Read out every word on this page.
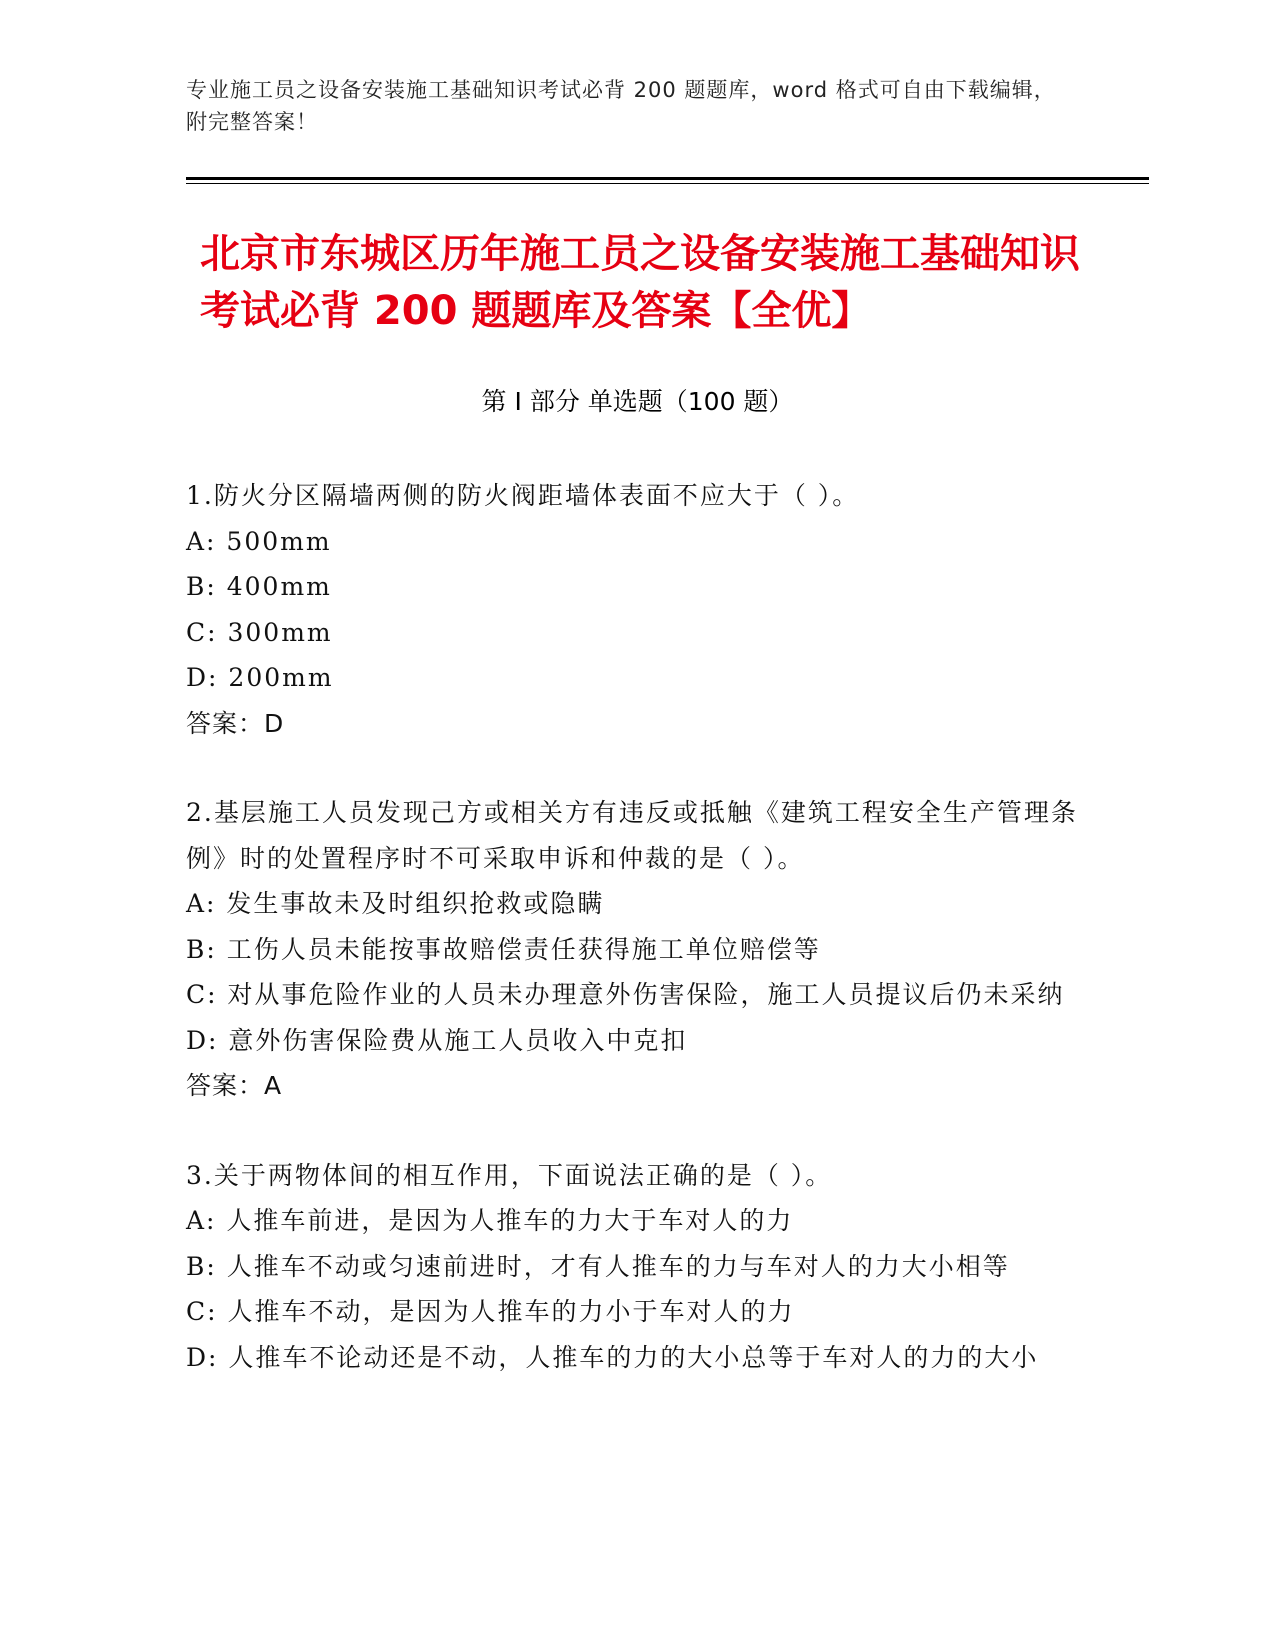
专业施工员之设备安装施工基础知识考试必背 200 题题库，word 格式可自由下载编辑，附完整答案！
北京市东城区历年施工员之设备安装施工基础知识考试必背 200 题题库及答案【全优】
第 I 部分 单选题（100 题）
1.防火分区隔墙两侧的防火阀距墙体表面不应大于（ ）。
A: 500mm
B: 400mm
C: 300mm
D: 200mm
答案：D
2.基层施工人员发现己方或相关方有违反或抵触《建筑工程安全生产管理条例》时的处置程序时不可采取申诉和仲裁的是（ ）。
A: 发生事故未及时组织抢救或隐瞒
B: 工伤人员未能按事故赔偿责任获得施工单位赔偿等
C: 对从事危险作业的人员未办理意外伤害保险，施工人员提议后仍未采纳
D: 意外伤害保险费从施工人员收入中克扣
答案：A
3.关于两物体间的相互作用，下面说法正确的是（ ）。
A: 人推车前进，是因为人推车的力大于车对人的力
B: 人推车不动或匀速前进时，才有人推车的力与车对人的力大小相等
C: 人推车不动，是因为人推车的力小于车对人的力
D: 人推车不论动还是不动，人推车的力的大小总等于车对人的力的大小
